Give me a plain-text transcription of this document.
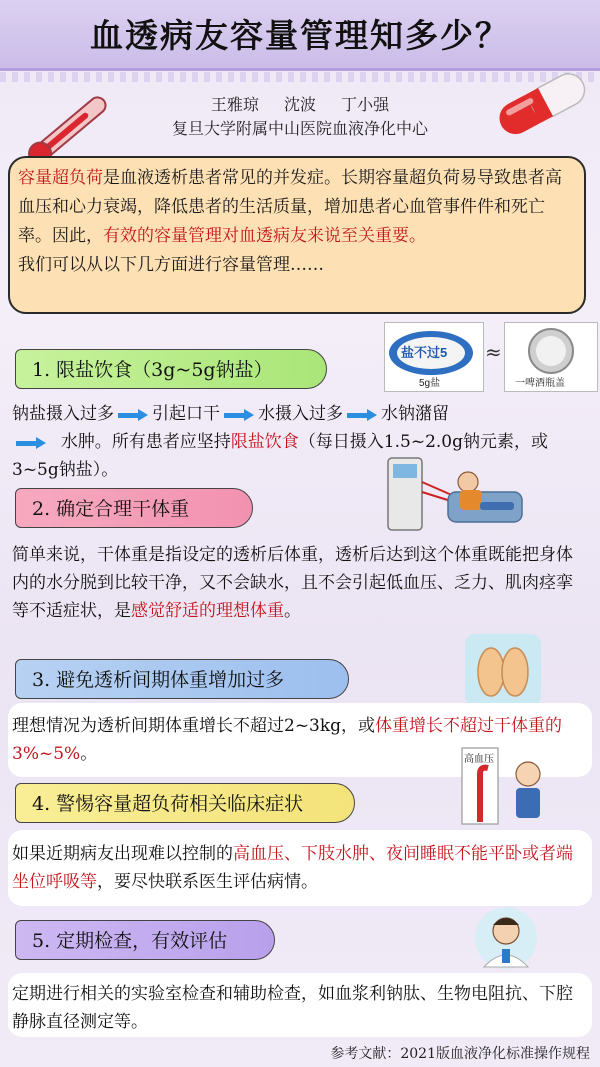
血透病友容量管理知多少？
王雅琼 沈波 丁小强
复旦大学附属中山医院血液净化中心
容量超负荷是血液透析患者常见的并发症。长期容量超负荷易导致患者高血压和心力衰竭，降低患者的生活质量，增加患者心血管事件件和死亡率。因此，有效的容量管理对血透病友来说至关重要。
我们可以从以下几方面进行容量管理……
盐不过5
5g盐
≈
一啤酒瓶盖
1. 限盐饮食（3g~5g钠盐）
钠盐摄入过多 引起口干 水摄入过多 水钠潴留
水肿。所有患者应坚持限盐饮食（每日摄入1.5~2.0g钠元素，或3~5g钠盐）。
2. 确定合理干体重
简单来说，干体重是指设定的透析后体重，透析后达到这个体重既能把身体内的水分脱到比较干净，又不会缺水，且不会引起低血压、乏力、肌肉痉挛等不适症状，是感觉舒适的理想体重。
3. 避免透析间期体重增加过多
理想情况为透析间期体重增长不超过2~3kg，或体重增长不超过干体重的3%~5%。	高血压
4. 警惕容量超负荷相关临床症状
如果近期病友出现难以控制的高血压、下肢水肿、夜间睡眠不能平卧或者端坐位呼吸等，要尽快联系医生评估病情。
5. 定期检查，有效评估
定期进行相关的实验室检查和辅助检查，如血浆利钠肽、生物电阻抗、下腔静脉直径测定等。
参考文献：2021版血液净化标准操作规程
